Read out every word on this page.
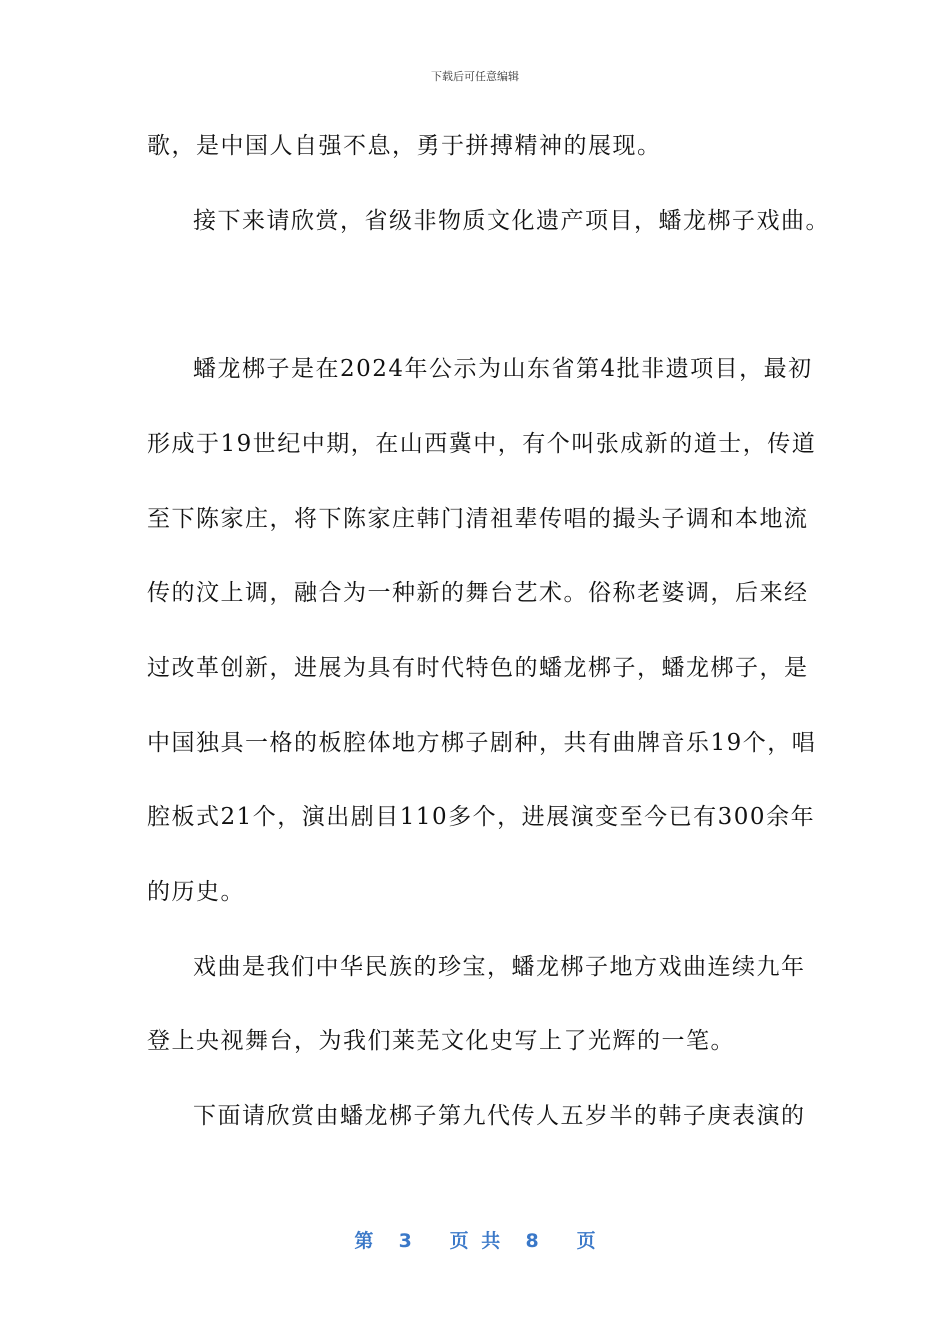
下载后可任意编辑
歌，是中国人自强不息，勇于拼搏精神的展现。
接下来请欣赏，省级非物质文化遗产项目，蟠龙梆子戏曲。
蟠龙梆子是在2024年公示为山东省第4批非遗项目，最初
形成于19世纪中期，在山西冀中，有个叫张成新的道士，传道
至下陈家庄，将下陈家庄韩门清祖辈传唱的撮头子调和本地流
传的汶上调，融合为一种新的舞台艺术。俗称老婆调，后来经
过改革创新，进展为具有时代特色的蟠龙梆子，蟠龙梆子，是
中国独具一格的板腔体地方梆子剧种，共有曲牌音乐19个，唱
腔板式21个，演出剧目110多个，进展演变至今已有300余年
的历史。
戏曲是我们中华民族的珍宝，蟠龙梆子地方戏曲连续九年
登上央视舞台，为我们莱芜文化史写上了光辉的一笔。
下面请欣赏由蟠龙梆子第九代传人五岁半的韩子庚表演的
第  3   页 共  8   页
